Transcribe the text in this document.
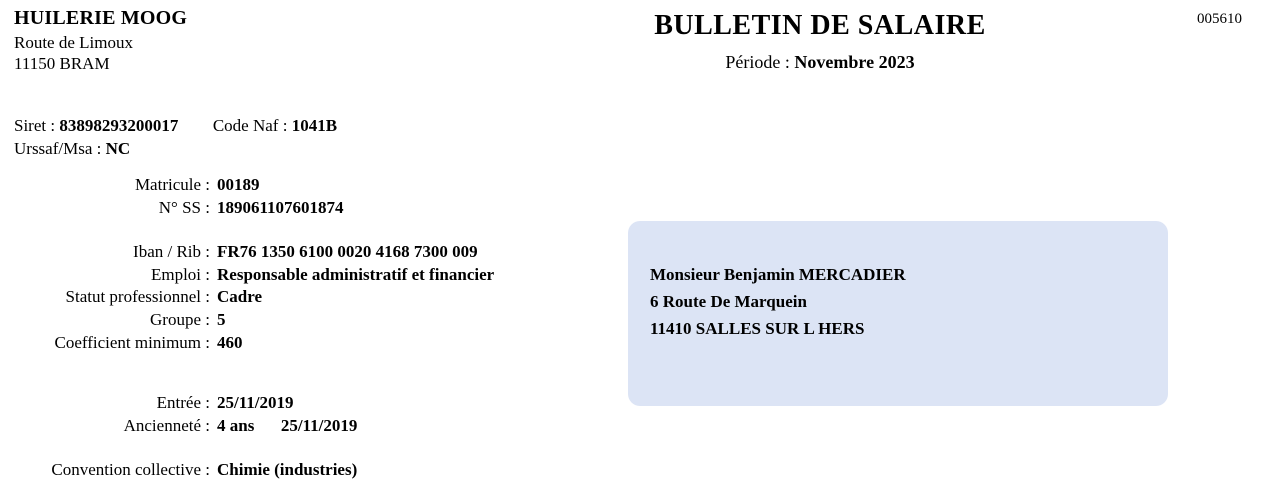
HUILERIE MOOG
Route de Limoux
11150 BRAM
BULLETIN DE SALAIRE
Période : Novembre 2023
005610
Siret : 83898293200017 Code Naf : 1041B
Urssaf/Msa : NC
Matricule :	00189
N° SS :	189061107601874

Iban / Rib :	FR76 1350 6100 0020 4168 7300 009
Emploi :	Responsable administratif et financier
Statut professionnel :	Cadre
Groupe :	5
Coefficient minimum :	460

Entrée :	25/11/2019
Ancienneté :	4 ans 25/11/2019

Convention collective :	Chimie (industries)
Monsieur Benjamin MERCADIER
6 Route De Marquein
11410 SALLES SUR L HERS
